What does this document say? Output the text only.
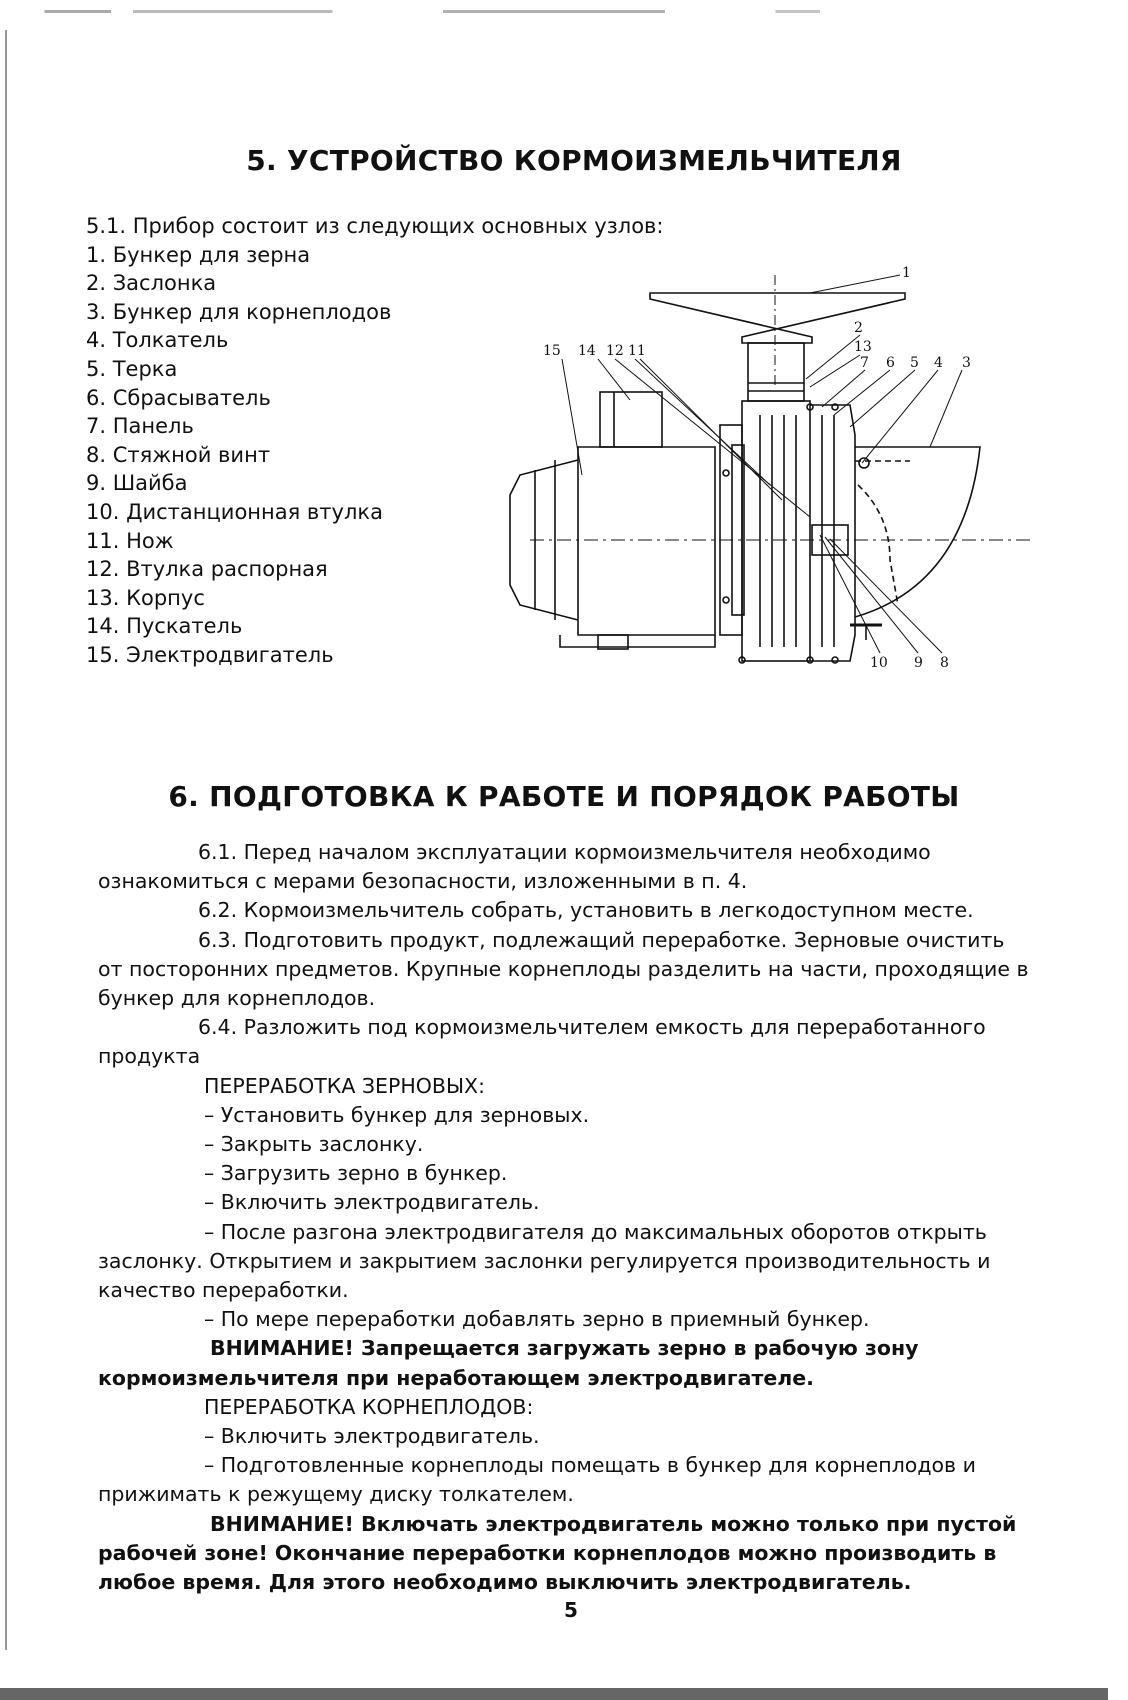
5. УСТРОЙСТВО КОРМОИЗМЕЛЬЧИТЕЛЯ
5.1. Прибор состоит из следующих основных узлов:
1. Бункер для зерна
2. Заслонка
3. Бункер для корнеплодов
4. Толкатель
5. Терка
6. Сбрасыватель
7. Панель
8. Стяжной винт
9. Шайба
10. Дистанционная втулка
11. Нож
12. Втулка распорная
13. Корпус
14. Пускатель
15. Электродвигатель
1
2
3
4
5
6
7
8
9
10
11
12	13
14
15
6. ПОДГОТОВКА К РАБОТЕ И ПОРЯДОК РАБОТЫ

6.1. Перед началом эксплуатации кормоизмельчителя необходимо

ознакомиться с мерами безопасности, изложенными в п. 4.

6.2. Кормоизмельчитель собрать, установить в легкодоступном месте.

6.3. Подготовить продукт, подлежащий переработке. Зерновые очистить

от посторонних предметов. Крупные корнеплоды разделить на части, проходящие в

бункер для корнеплодов.

6.4. Разложить под кормоизмельчителем емкость для переработанного

продукта

ПЕРЕРАБОТКА ЗЕРНОВЫХ:

– Установить бункер для зерновых.

– Закрыть заслонку.

– Загрузить зерно в бункер.

– Включить электродвигатель.

– После разгона электродвигателя до максимальных оборотов открыть

заслонку. Открытием и закрытием заслонки регулируется производительность и

качество переработки.

– По мере переработки добавлять зерно в приемный бункер.

ВНИМАНИЕ! Запрещается загружать зерно в рабочую зону

кормоизмельчителя при неработающем электродвигателе.

ПЕРЕРАБОТКА КОРНЕПЛОДОВ:

– Включить электродвигатель.

– Подготовленные корнеплоды помещать в бункер для корнеплодов и

прижимать к режущему диску толкателем.

ВНИМАНИЕ! Включать электродвигатель можно только при пустой

рабочей зоне! Окончание переработки корнеплодов можно производить в

любое время. Для этого необходимо выключить электродвигатель.

5
